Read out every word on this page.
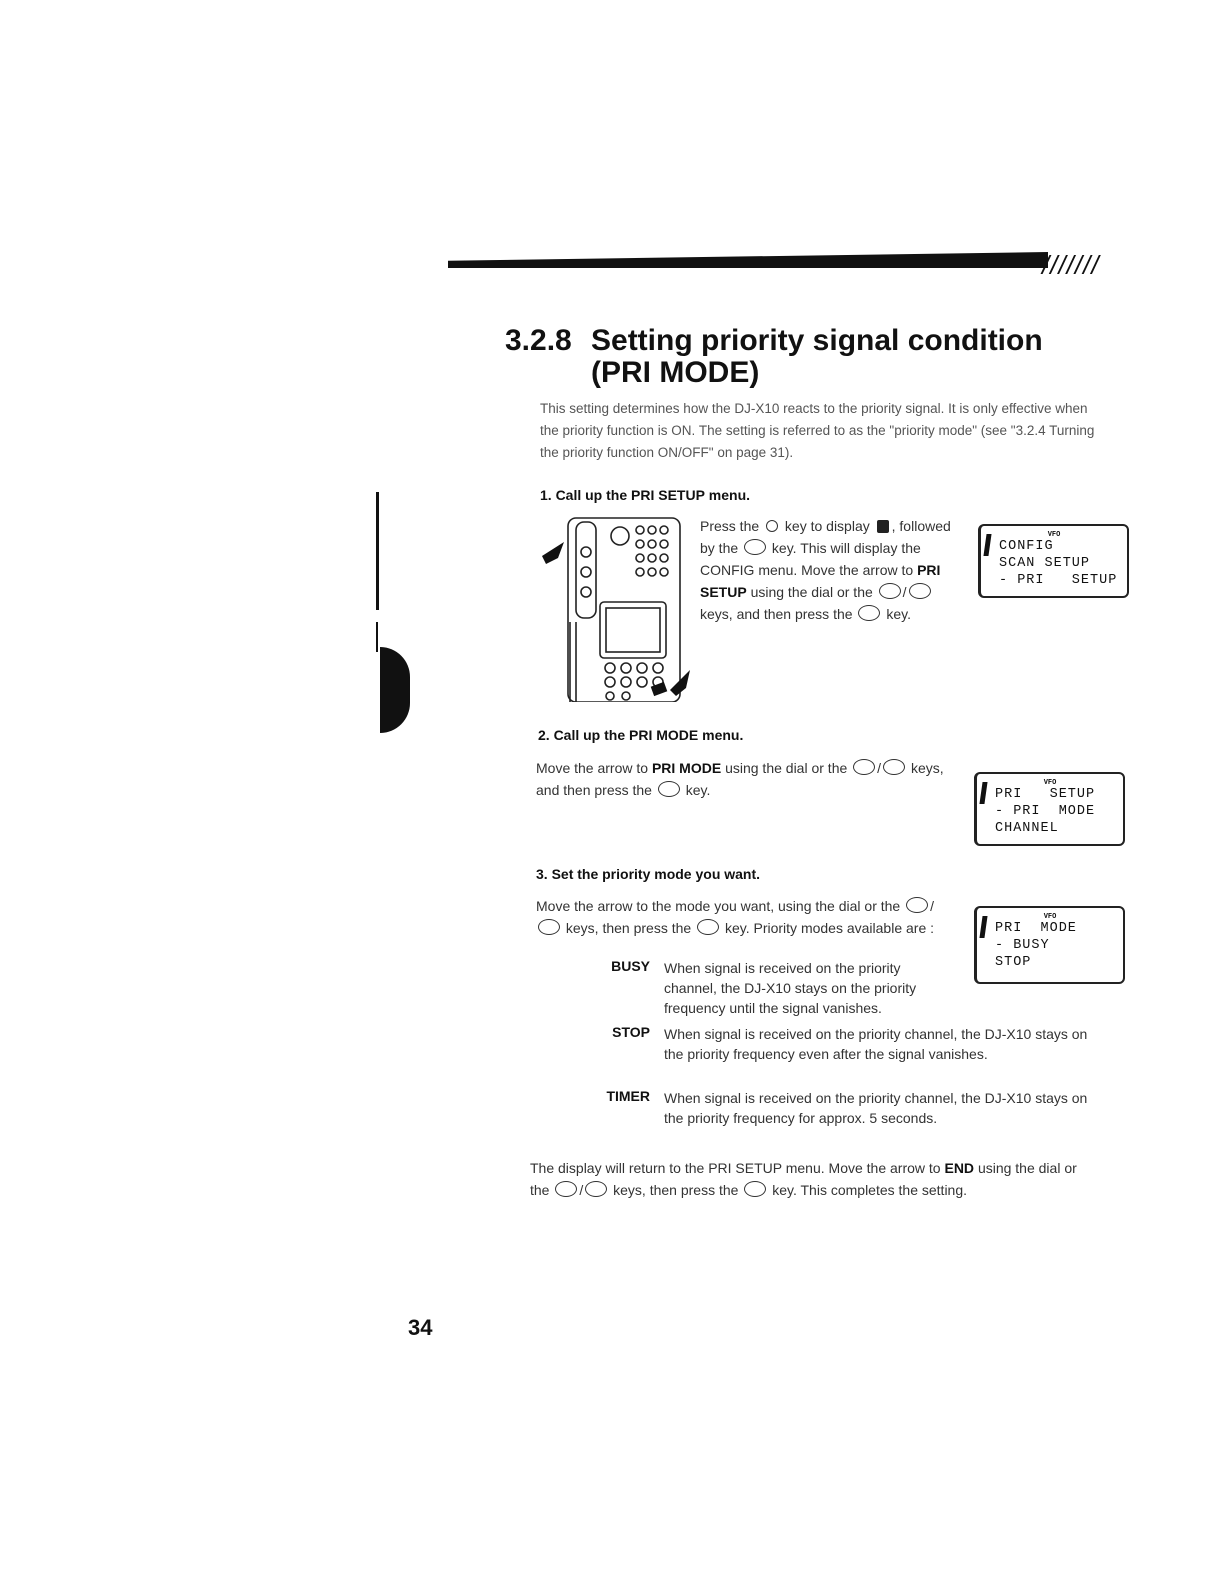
///////
3.2.8 Setting priority signal condition
(PRI MODE)
This setting determines how the DJ-X10 reacts to the priority signal. It is only effective when the priority function is ON. The setting is referred to as the "priority mode" (see "3.2.4 Turning the priority function ON/OFF" on page 31).
1. Call up the PRI SETUP menu.
Press the key to display , followed by the key. This will display the CONFIG menu. Move the arrow to PRI SETUP using the dial or the / keys, and then press the key.
VFO
CONFIG
SCAN SETUP
- PRI   SETUP
2. Call up the PRI MODE menu.
Move the arrow to PRI MODE using the dial or the / keys, and then press the key.	VFO
PRI   SETUP
- PRI  MODE
CHANNEL
3. Set the priority mode you want.
Move the arrow to the mode you want, using the dial or the / keys, then press the key. Priority modes available are :
VFO
PRI  MODE
- BUSY
STOP
BUSY When signal is received on the priority channel, the DJ-X10 stays on the priority frequency until the signal vanishes.
STOP When signal is received on the priority channel, the DJ-X10 stays on the priority frequency even after the signal vanishes.
TIMER When signal is received on the priority channel, the DJ-X10 stays on the priority frequency for approx. 5 seconds.
The display will return to the PRI SETUP menu. Move the arrow to END using the dial or the / keys, then press the key. This completes the setting.
34
